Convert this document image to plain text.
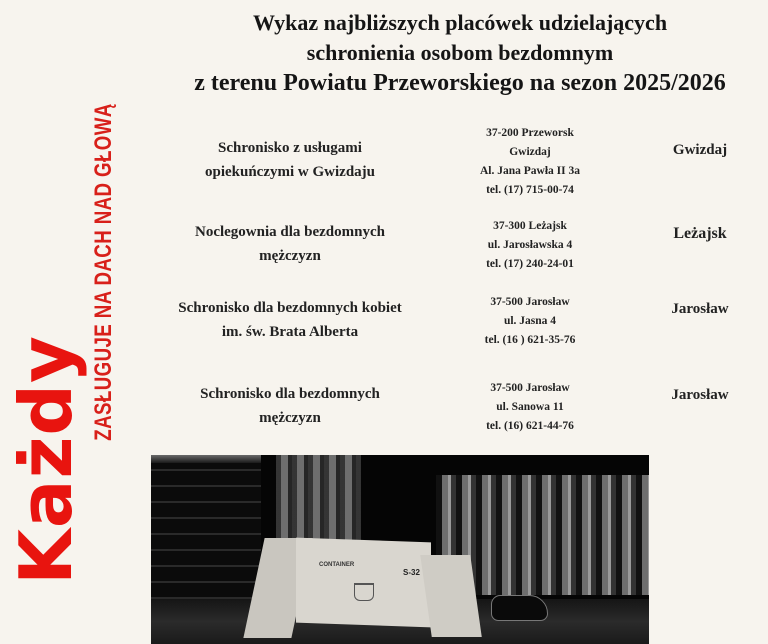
Wykaz najbliższych placówek udzielających
schronienia osobom bezdomnym
z terenu Powiatu Przeworskiego na sezon 2025/2026
Każdy
ZASŁUGUJE NA DACH NAD GŁOWĄ	Schronisko z usługami
opiekuńczymi w Gwizdaju
37-200 Przeworsk
Gwizdaj
Al. Jana Pawła II 3a
tel. (17) 715-00-74
Gwizdaj
Noclegownia dla bezdomnych
mężczyzn
37-300 Leżajsk
ul. Jarosławska 4
tel. (17) 240-24-01
Leżajsk
Schronisko dla bezdomnych kobiet
im. św. Brata Alberta
37-500 Jarosław
ul. Jasna 4
tel. (16 ) 621-35-76
Jarosław
Schronisko dla bezdomnych
mężczyzn
37-500 Jarosław
ul. Sanowa 11
tel. (16) 621-44-76
Jarosław
CONTAINER
S-32
